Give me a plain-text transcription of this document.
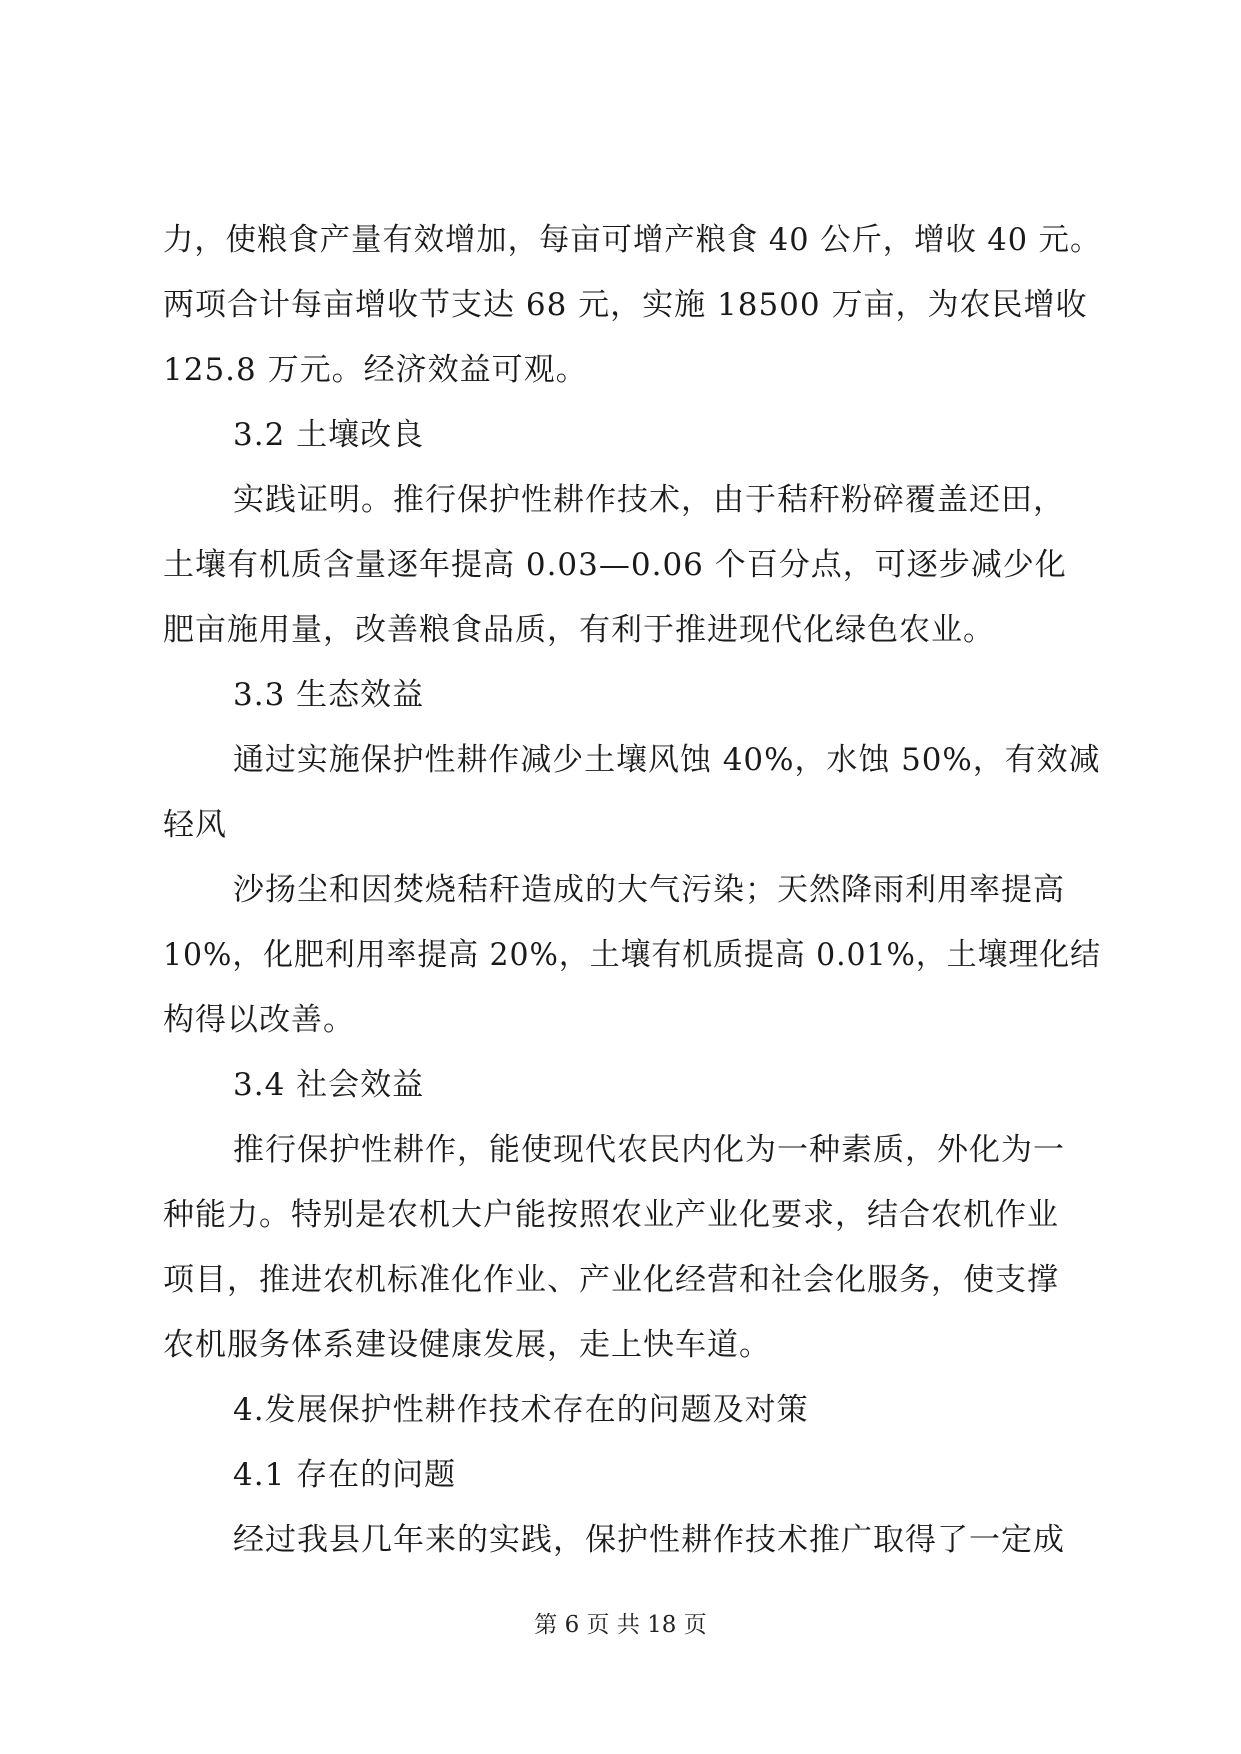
力，使粮食产量有效增加，每亩可增产粮食 40 公斤，增收 40 元。
两项合计每亩增收节支达 68 元，实施 18500 万亩，为农民增收
125.8 万元。经济效益可观。
3.2 土壤改良
实践证明。推行保护性耕作技术，由于秸秆粉碎覆盖还田，
土壤有机质含量逐年提高 0.03—0.06 个百分点，可逐步减少化
肥亩施用量，改善粮食品质，有利于推进现代化绿色农业。
3.3 生态效益
通过实施保护性耕作减少土壤风蚀 40%，水蚀 50%，有效减
轻风
沙扬尘和因焚烧秸秆造成的大气污染；天然降雨利用率提高
10%，化肥利用率提高 20%，土壤有机质提高 0.01%，土壤理化结
构得以改善。
3.4 社会效益
推行保护性耕作，能使现代农民内化为一种素质，外化为一
种能力。特别是农机大户能按照农业产业化要求，结合农机作业
项目，推进农机标准化作业、产业化经营和社会化服务，使支撑
农机服务体系建设健康发展，走上快车道。
4.发展保护性耕作技术存在的问题及对策
4.1 存在的问题
经过我县几年来的实践，保护性耕作技术推广取得了一定成
第 6 页 共 18 页
